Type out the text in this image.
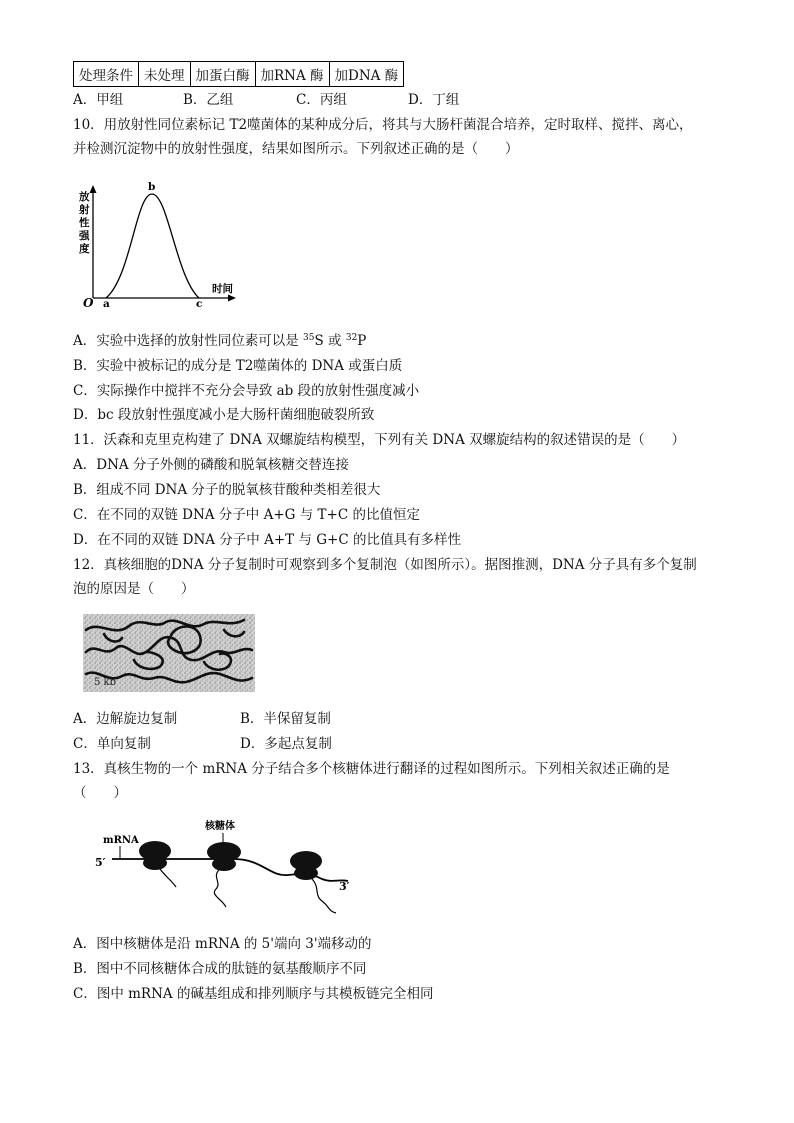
处理条件	未处理	加蛋白酶	加RNA 酶	加DNA 酶
A．甲组	B．乙组	C．丙组	D．丁组
10．用放射性同位素标记 T2噬菌体的某种成分后，将其与大肠杆菌混合培养，定时取样、搅拌、离心，
并检测沉淀物中的放射性强度，结果如图所示。下列叙述正确的是（　　）
放
射
性
强
度
时间
O a
b
c
A．实验中选择的放射性同位素可以是 $^{35}$S 或 $^{32}$P
B．实验中被标记的成分是 T2噬菌体的 DNA 或蛋白质
C．实际操作中搅拌不充分会导致 ab 段的放射性强度减小
D．bc 段放射性强度减小是大肠杆菌细胞破裂所致
11．沃森和克里克构建了 DNA 双螺旋结构模型，下列有关 DNA 双螺旋结构的叙述错误的是（　　）
A．DNA 分子外侧的磷酸和脱氧核糖交替连接
B．组成不同 DNA 分子的脱氧核苷酸种类相差很大
C．在不同的双链 DNA 分子中 A+G 与 T+C 的比值恒定
D．在不同的双链 DNA 分子中 A+T 与 G+C 的比值具有多样性
12．真核细胞的DNA 分子复制时可观察到多个复制泡（如图所示）。据图推测，DNA 分子具有多个复制
泡的原因是（　　）
5 kb
A．边解旋边复制	B．半保留复制
C．单向复制	D．多起点复制
13．真核生物的一个 mRNA 分子结合多个核糖体进行翻译的过程如图所示。下列相关叙述正确的是
（　　）
mRNA
核糖体
5′
3′
A．图中核糖体是沿 mRNA 的 5'端向 3'端移动的
B．图中不同核糖体合成的肽链的氨基酸顺序不同
C．图中 mRNA 的碱基组成和排列顺序与其模板链完全相同
